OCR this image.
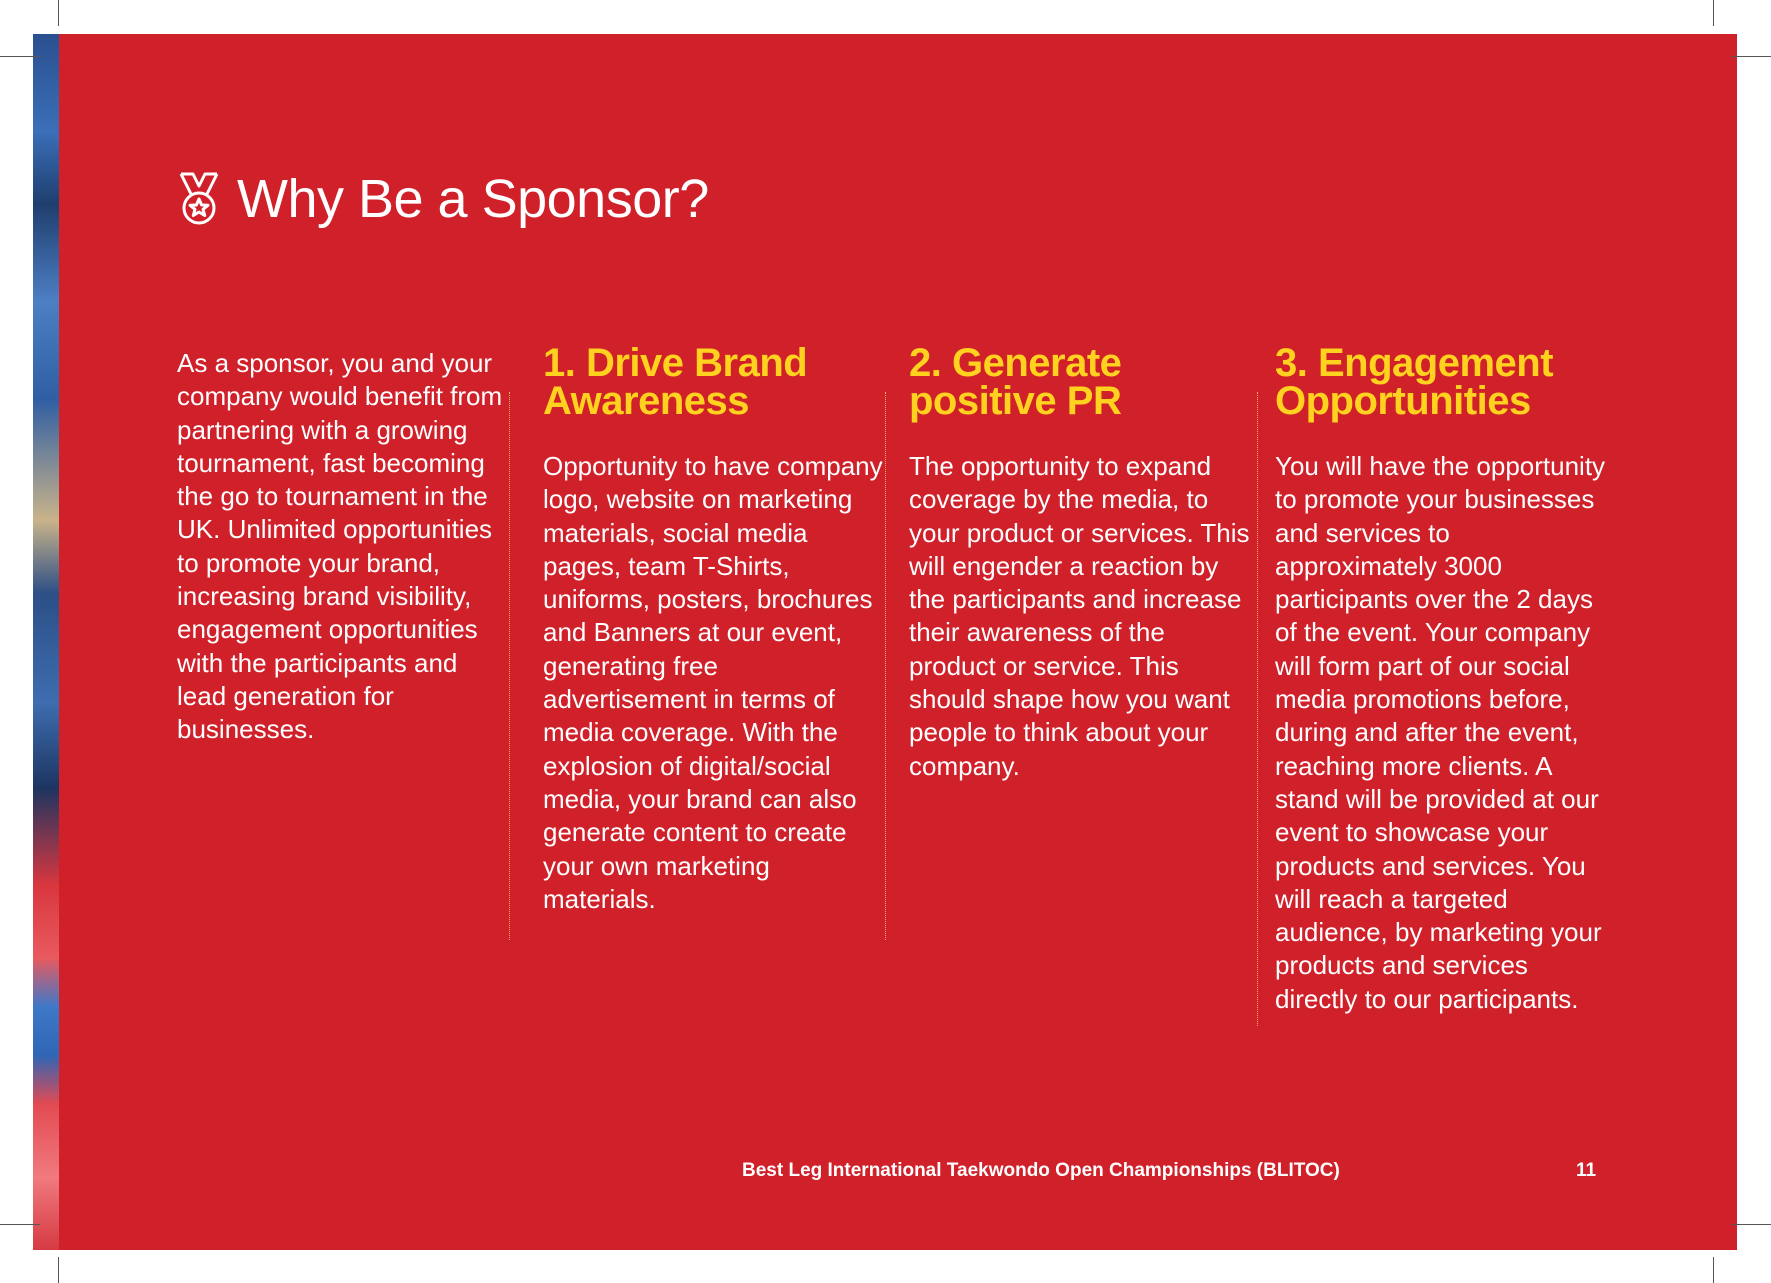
Why Be a Sponsor?
As a sponsor, you and your company would benefit from partnering with a growing tournament, fast becoming the go to tournament in the UK. Unlimited opportunities to promote your brand, increasing brand visibility, engagement opportunities with the participants and lead generation for businesses.
1. Drive Brand Awareness

Opportunity to have company logo, website on marketing materials, social media pages, team T-Shirts, uniforms, posters, brochures and Banners at our event, generating free advertisement in terms of media coverage. With the explosion of digital/social media, your brand can also generate content to create your own marketing materials.

2. Generate positive PR

The opportunity to expand coverage by the media, to your product or services. This will engender a reaction by the participants and increase their awareness of the product or service. This should shape how you want people to think about your company.

3. Engagement Opportunities

You will have the opportunity to promote your businesses and services to approximately 3000 participants over the 2 days of the event. Your company will form part of our social media promotions before, during and after the event, reaching more clients. A stand will be provided at our event to showcase your products and services. You will reach a targeted audience, by marketing your products and services directly to our participants.

Best Leg International Taekwondo Open Championships (BLITOC)	11
